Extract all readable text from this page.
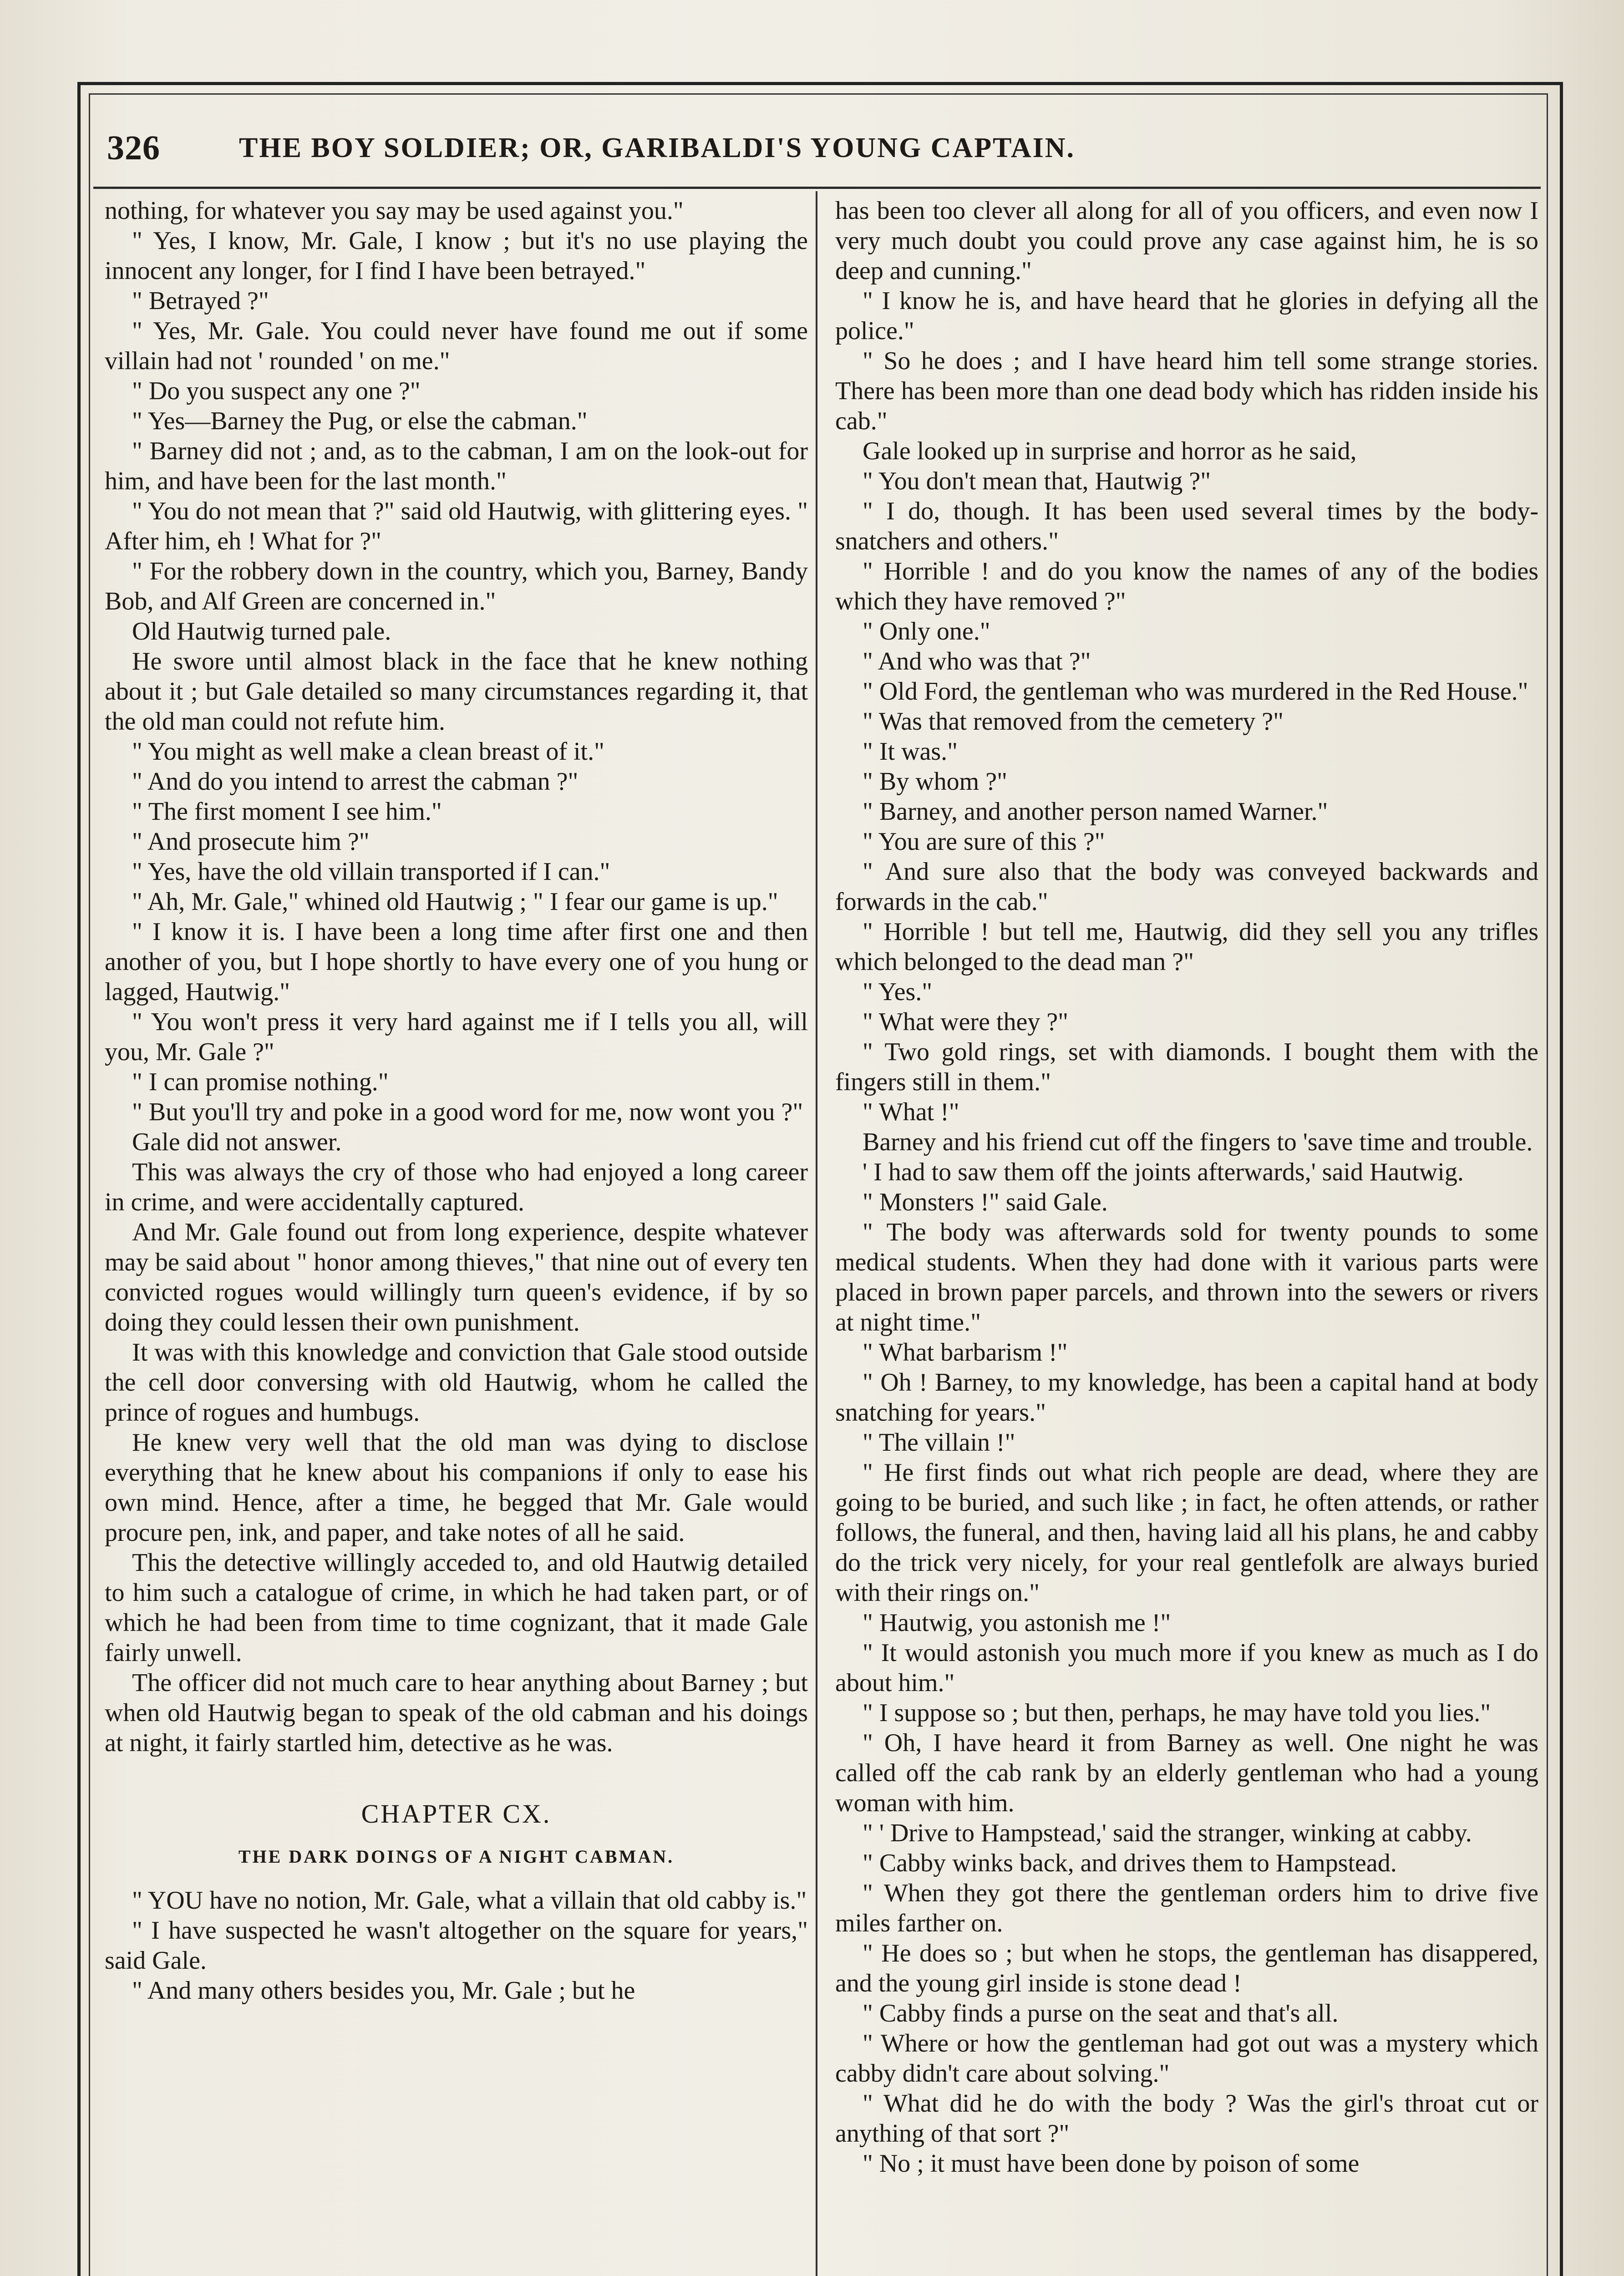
326	THE BOY SOLDIER; OR, GARIBALDI'S YOUNG CAPTAIN.

nothing, for whatever you say may be used against you."

" Yes, I know, Mr. Gale, I know ; but it's no use playing the innocent any longer, for I find I have been betrayed."

" Betrayed ?"

" Yes, Mr. Gale. You could never have found me out if some villain had not ' rounded ' on me."

" Do you suspect any one ?"

" Yes—Barney the Pug, or else the cabman."

" Barney did not ; and, as to the cabman, I am on the look-out for him, and have been for the last month."

" You do not mean that ?" said old Hautwig, with glittering eyes. " After him, eh ! What for ?"

" For the robbery down in the country, which you, Barney, Bandy Bob, and Alf Green are concerned in."

Old Hautwig turned pale.

He swore until almost black in the face that he knew nothing about it ; but Gale detailed so many circumstances regarding it, that the old man could not refute him.

" You might as well make a clean breast of it."

" And do you intend to arrest the cabman ?"

" The first moment I see him."

" And prosecute him ?"

" Yes, have the old villain transported if I can."

" Ah, Mr. Gale," whined old Hautwig ; " I fear our game is up."

" I know it is. I have been a long time after first one and then another of you, but I hope shortly to have every one of you hung or lagged, Hautwig."

" You won't press it very hard against me if I tells you all, will you, Mr. Gale ?"

" I can promise nothing."

" But you'll try and poke in a good word for me, now wont you ?"

Gale did not answer.

This was always the cry of those who had enjoyed a long career in crime, and were accidentally captured.

And Mr. Gale found out from long experience, despite whatever may be said about " honor among thieves," that nine out of every ten convicted rogues would willingly turn queen's evidence, if by so doing they could lessen their own punishment.

It was with this knowledge and conviction that Gale stood outside the cell door conversing with old Hautwig, whom he called the prince of rogues and humbugs.

He knew very well that the old man was dying to disclose everything that he knew about his companions if only to ease his own mind. Hence, after a time, he begged that Mr. Gale would procure pen, ink, and paper, and take notes of all he said.

This the detective willingly acceded to, and old Hautwig detailed to him such a catalogue of crime, in which he had taken part, or of which he had been from time to time cognizant, that it made Gale fairly unwell.

The officer did not much care to hear anything about Barney ; but when old Hautwig began to speak of the old cabman and his doings at night, it fairly startled him, detective as he was.

CHAPTER CX.
THE DARK DOINGS OF A NIGHT CABMAN.

" YOU have no notion, Mr. Gale, what a villain that old cabby is."

" I have suspected he wasn't altogether on the square for years," said Gale.

" And many others besides you, Mr. Gale ; but he

has been too clever all along for all of you officers, and even now I very much doubt you could prove any case against him, he is so deep and cunning."

" I know he is, and have heard that he glories in defying all the police."

" So he does ; and I have heard him tell some strange stories. There has been more than one dead body which has ridden inside his cab."

Gale looked up in surprise and horror as he said,

" You don't mean that, Hautwig ?"

" I do, though. It has been used several times by the body-snatchers and others."

" Horrible ! and do you know the names of any of the bodies which they have removed ?"

" Only one."

" And who was that ?"

" Old Ford, the gentleman who was murdered in the Red House."

" Was that removed from the cemetery ?"

" It was."

" By whom ?"

" Barney, and another person named Warner."

" You are sure of this ?"

" And sure also that the body was conveyed backwards and forwards in the cab."

" Horrible ! but tell me, Hautwig, did they sell you any trifles which belonged to the dead man ?"

" Yes."

" What were they ?"

" Two gold rings, set with diamonds. I bought them with the fingers still in them."

" What !"

Barney and his friend cut off the fingers to 'save time and trouble.

' I had to saw them off the joints afterwards,' said Hautwig.

" Monsters !" said Gale.

" The body was afterwards sold for twenty pounds to some medical students. When they had done with it various parts were placed in brown paper parcels, and thrown into the sewers or rivers at night time."

" What barbarism !"

" Oh ! Barney, to my knowledge, has been a capital hand at body snatching for years."

" The villain !"

" He first finds out what rich people are dead, where they are going to be buried, and such like ; in fact, he often attends, or rather follows, the funeral, and then, having laid all his plans, he and cabby do the trick very nicely, for your real gentlefolk are always buried with their rings on."

" Hautwig, you astonish me !"

" It would astonish you much more if you knew as much as I do about him."

" I suppose so ; but then, perhaps, he may have told you lies."

" Oh, I have heard it from Barney as well. One night he was called off the cab rank by an elderly gentleman who had a young woman with him.

" ' Drive to Hampstead,' said the stranger, winking at cabby.

" Cabby winks back, and drives them to Hampstead.

" When they got there the gentleman orders him to drive five miles farther on.

" He does so ; but when he stops, the gentleman has disappered, and the young girl inside is stone dead !

" Cabby finds a purse on the seat and that's all.

" Where or how the gentleman had got out was a mystery which cabby didn't care about solving."

" What did he do with the body ? Was the girl's throat cut or anything of that sort ?"

" No ; it must have been done by poison of some
